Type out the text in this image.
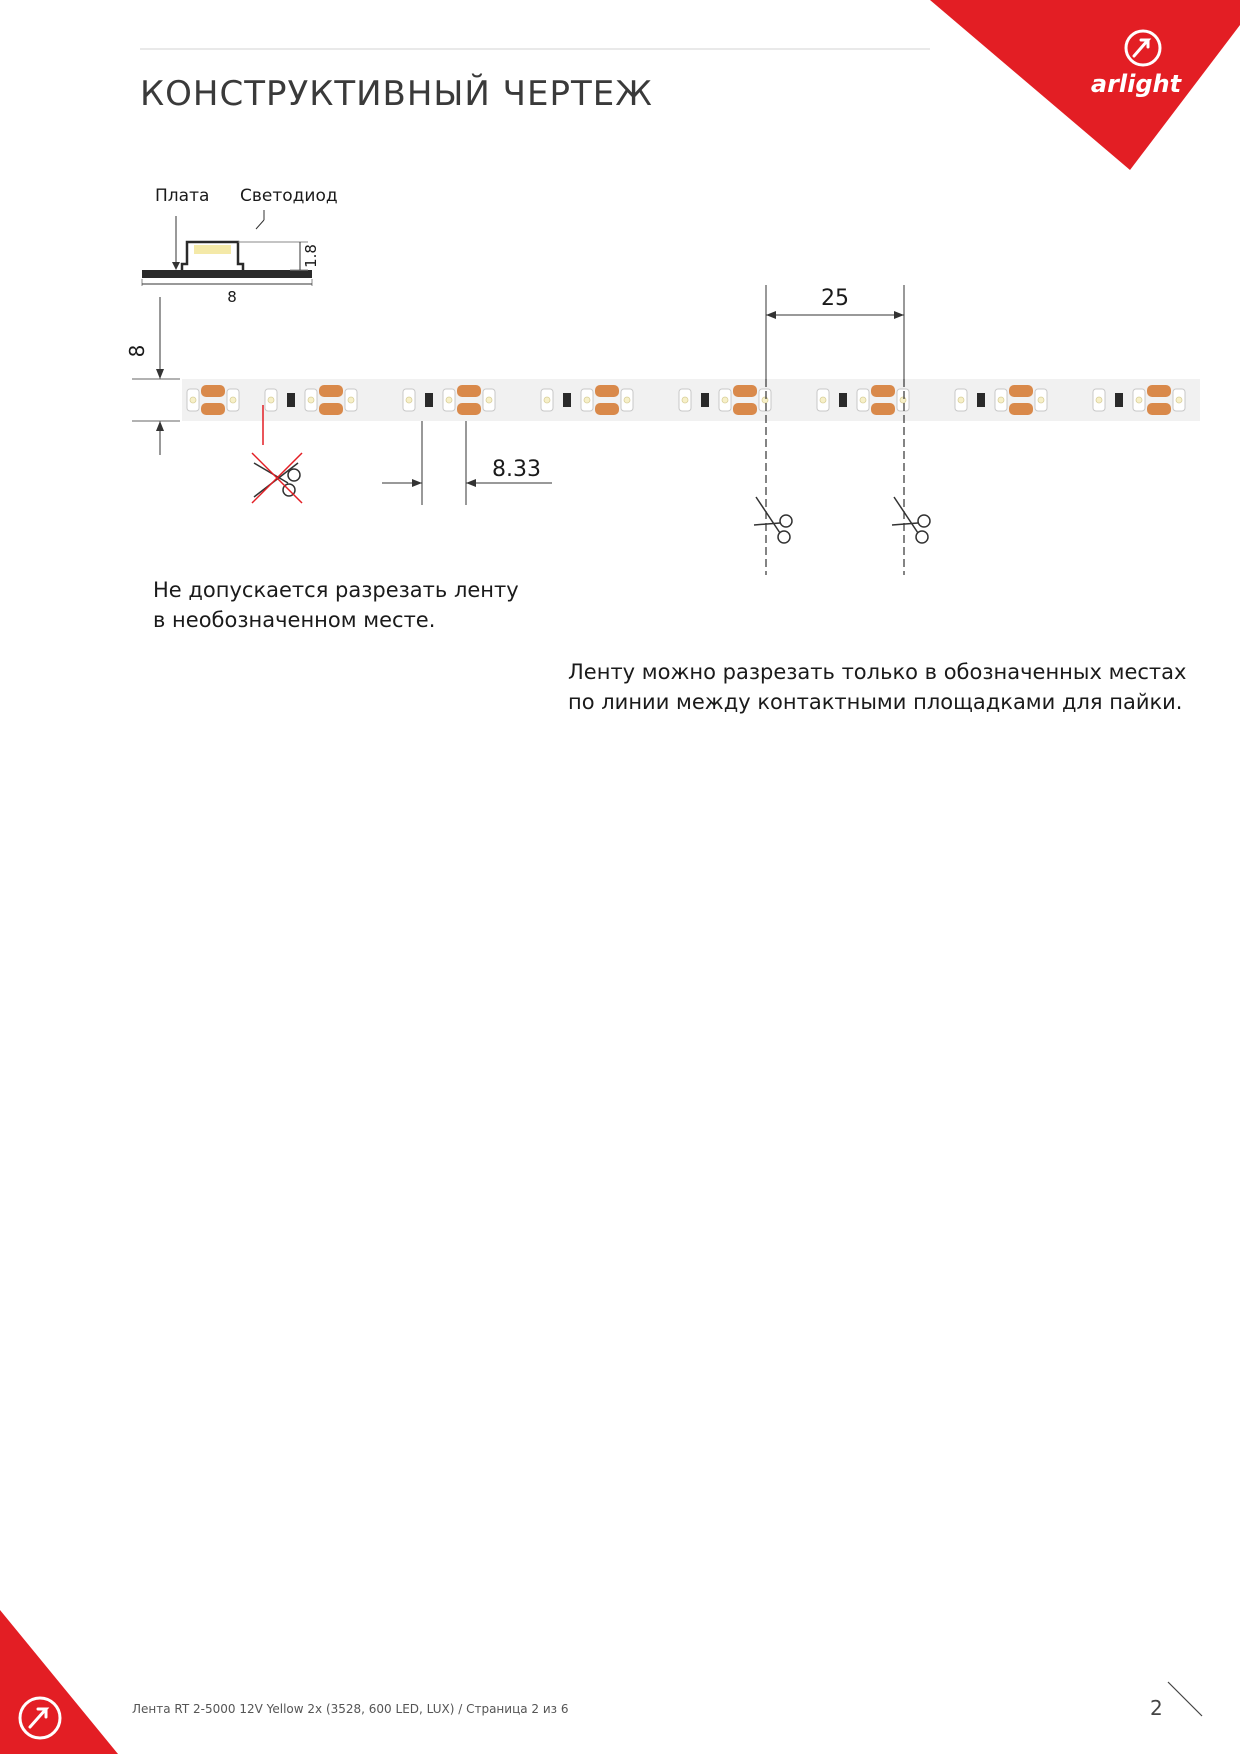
arlight
КОНСТРУКТИВНЫЙ ЧЕРТЕЖ
Плата Светодиод
1.8
8
8
8.33
25
Не допускается разрезать ленту
в необозначенном месте.
Ленту можно разрезать только в обозначенных местах
по линии между контактными площадками для пайки.
Лента RT 2-5000 12V Yellow 2x (3528, 600 LED, LUX) / Страница 2 из 6	2
